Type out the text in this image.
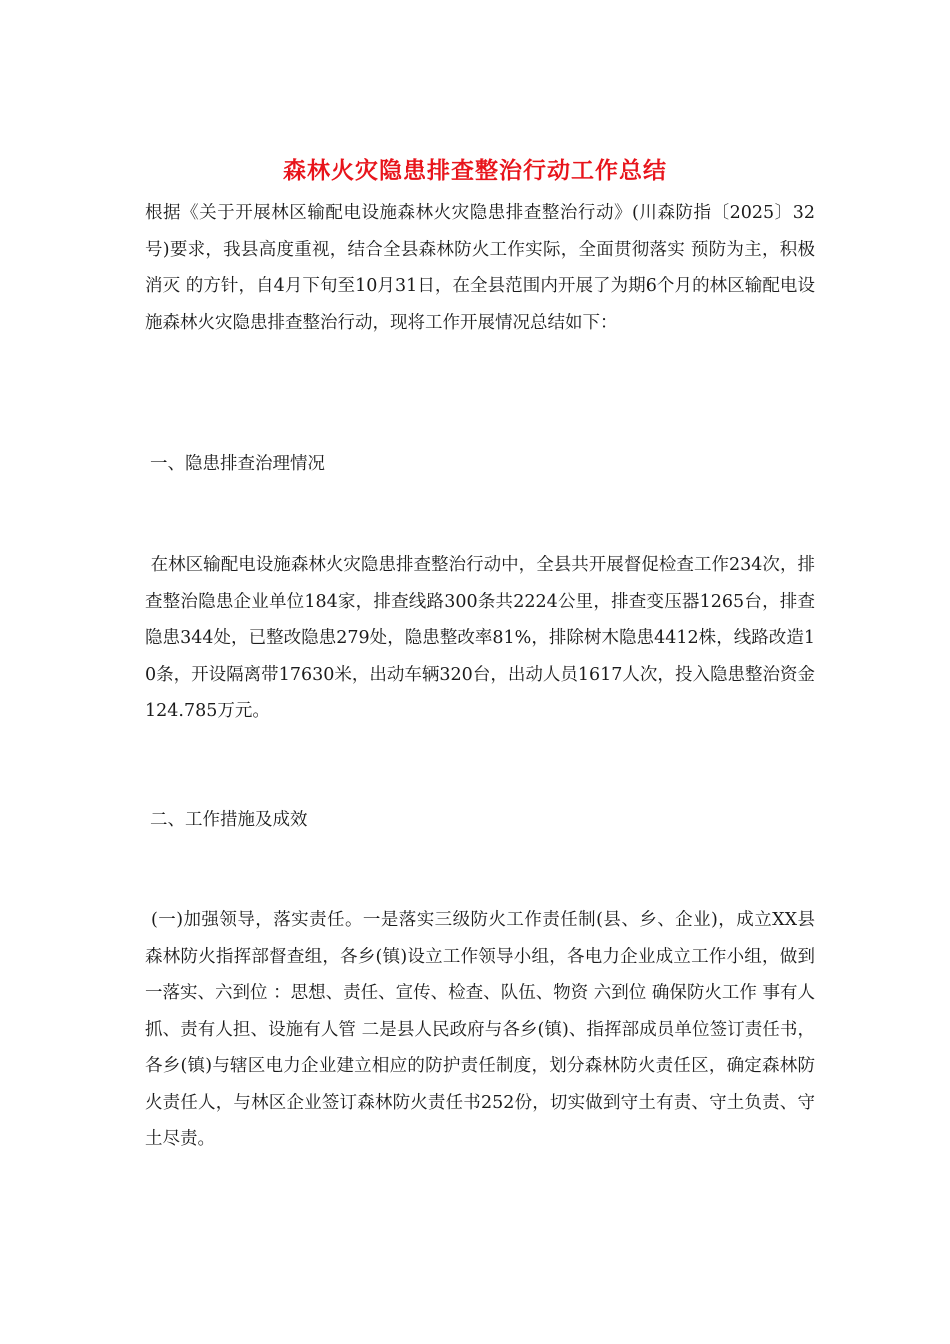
森林火灾隐患排查整治行动工作总结
根据《关于开展林区输配电设施森林火灾隐患排查整治行动》(川森防指〔2025〕32号)要求，我县高度重视，结合全县森林防火工作实际，全面贯彻落实 预防为主，积极消灭 的方针，自4月下旬至10月31日，在全县范围内开展了为期6个月的林区输配电设施森林火灾隐患排查整治行动，现将工作开展情况总结如下：
一、隐患排查治理情况
在林区输配电设施森林火灾隐患排查整治行动中，全县共开展督促检查工作234次，排查整治隐患企业单位184家，排查线路300条共2224公里，排查变压器1265台，排查隐患344处，已整改隐患279处，隐患整改率81%，排除树木隐患4412株，线路改造10条，开设隔离带17630米，出动车辆320台，出动人员1617人次，投入隐患整治资金124.785万元。
二、工作措施及成效
(一)加强领导，落实责任。一是落实三级防火工作责任制(县、乡、企业)，成立XX县森林防火指挥部督查组，各乡(镇)设立工作领导小组，各电力企业成立工作小组，做到 一落实、六到位 ：思想、责任、宣传、检查、队伍、物资 六到位 确保防火工作 事有人抓、责有人担、设施有人管 二是县人民政府与各乡(镇)、指挥部成员单位签订责任书，各乡(镇)与辖区电力企业建立相应的防护责任制度，划分森林防火责任区，确定森林防火责任人，与林区企业签订森林防火责任书252份，切实做到守土有责、守土负责、守土尽责。
